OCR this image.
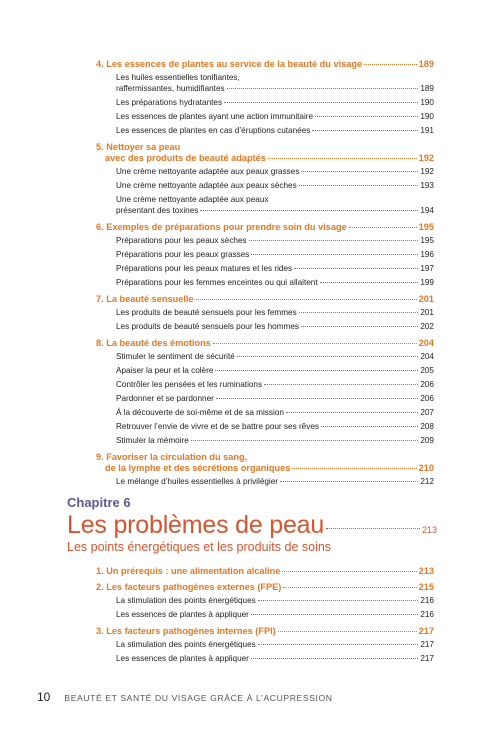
4. Les essences de plantes au service de la beauté du visage	189
Les huiles essentielles tonifiantes,
raffermissantes, humidifiantes	189
Les préparations hydratantes	190
Les essences de plantes ayant une action immunitaire	190
Les essences de plantes en cas d’éruptions cutanées	191
5. Nettoyer sa peau
avec des produits de beauté adaptés	192
Une crème nettoyante adaptée aux peaux grasses	192
Une crème nettoyante adaptée aux peaux sèches	193
Une crème nettoyante adaptée aux peaux
présentant des toxines	194
6. Exemples de préparations pour prendre soin du visage	195
Préparations pour les peaux sèches	195
Préparations pour les peaux grasses	196
Préparations pour les peaux matures et les rides	197
Préparations pour les femmes enceintes ou qui allaitent	199
7. La beauté sensuelle	201
Les produits de beauté sensuels pour les femmes	201
Les produits de beauté sensuels pour les hommes	202
8. La beauté des émotions	204
Stimuler le sentiment de sécurité	204
Apaiser la peur et la colère	205
Contrôler les pensées et les ruminations	206
Pardonner et se pardonner	206
À la découverte de soi-même et de sa mission	207
Retrouver l’envie de vivre et de se battre pour ses rêves	208
Stimuler la mémoire	209
9. Favoriser la circulation du sang,
de la lymphe et des sécrétions organiques	210
Le mélange d’huiles essentielles à privilégier	212
Chapitre 6
Les problèmes de peau	213
Les points énergétiques et les produits de soins
1. Un prérequis : une alimentation alcaline	213
2. Les facteurs pathogènes externes (FPE)	215
La stimulation des points énergétiques	216
Les essences de plantes à appliquer	216
3. Les facteurs pathogènes internes (FPI)	217
La stimulation des points énergétiques	217
Les essences de plantes à appliquer	217
10 BEAUTÉ ET SANTÉ DU VISAGE GRÂCE À L’ACUPRESSION
